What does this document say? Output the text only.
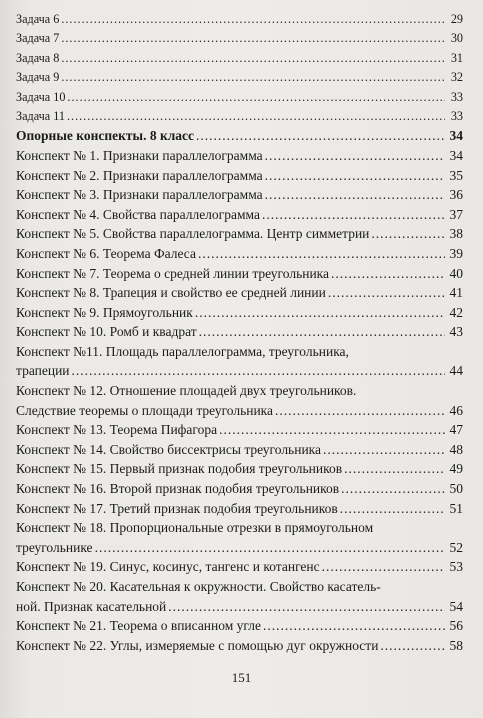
Задача 6 .....	29
Задача 7 .....	30
Задача 8 .....	31
Задача 9 .....	32
Задача 10 .....	33
Задача 11 .....	33
Опорные конспекты. 8 класс .....	34
Конспект № 1. Признаки параллелограмма .....	34
Конспект № 2. Признаки параллелограмма .....	35
Конспект № 3. Признаки параллелограмма .....	36
Конспект № 4. Свойства параллелограмма .....	37
Конспект № 5. Свойства параллелограмма. Центр симметрии .....	38
Конспект № 6. Теорема Фалеса .....	39
Конспект № 7. Теорема о средней линии треугольника .....	40
Конспект № 8. Трапеция и свойство ее средней линии .....	41
Конспект № 9. Прямоугольник .....	42
Конспект № 10. Ромб и квадрат .....	43
Конспект №11. Площадь параллелограмма, треугольника,
трапеции .....	44
Конспект № 12. Отношение площадей двух треугольников.
Следствие теоремы о площади треугольника .....	46
Конспект № 13. Теорема Пифагора .....	47
Конспект № 14. Свойство биссектрисы треугольника .....	48
Конспект № 15. Первый признак подобия треугольников .....	49
Конспект № 16. Второй признак подобия треугольников .....	50
Конспект № 17. Третий признак подобия треугольников .....	51
Конспект № 18. Пропорциональные отрезки в прямоугольном
треугольнике .....	52
Конспект № 19. Синус, косинус, тангенс и котангенс .....	53
Конспект № 20. Касательная к окружности. Свойство касатель-
ной. Признак касательной .....	54
Конспект № 21. Теорема о вписанном угле .....	56
Конспект № 22. Углы, измеряемые с помощью дуг окружности .....	58
151
